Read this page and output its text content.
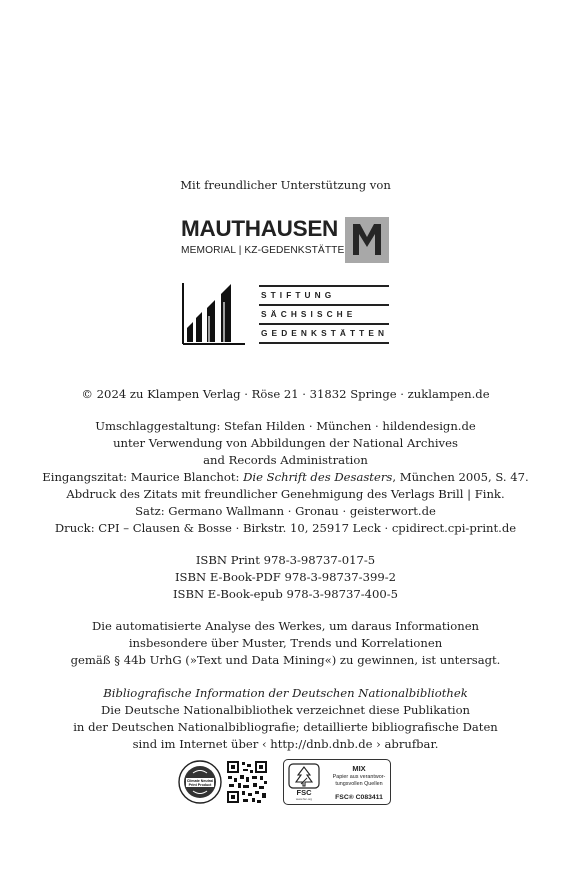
Mit freundlicher Unterstützung von
MAUTHAUSEN
MEMORIAL | KZ-GEDENKSTÄTTE
STIFTUNG
SÄCHSISCHE
GEDENKSTÄTTEN
© 2024 zu Klampen Verlag · Röse 21 · 31832 Springe · zuklampen.de
Umschlaggestaltung: Stefan Hilden · München · hildendesign.de
unter Verwendung von Abbildungen der National Archives
and Records Administration
Eingangszitat: Maurice Blanchot: Die Schrift des Desasters, München 2005, S. 47.
Abdruck des Zitats mit freundlicher Genehmigung des Verlags Brill | Fink.
Satz: Germano Wallmann · Gronau · geisterwort.de
Druck: CPI – Clausen & Bosse · Birkstr. 10, 25917 Leck · cpidirect.cpi-print.de
ISBN Print 978-3-98737-017-5
ISBN E-Book-PDF 978-3-98737-399-2
ISBN E-Book-epub 978-3-98737-400-5
Die automatisierte Analyse des Werkes, um daraus Informationen
insbesondere über Muster, Trends und Korrelationen
gemäß § 44b UrhG (»Text und Data Mining«) zu gewinnen, ist untersagt.
Bibliografische Information der Deutschen Nationalbibliothek
Die Deutsche Nationalbibliothek verzeichnet diese Publikation
in der Deutschen Nationalbibliografie; detaillierte bibliografische Daten
sind im Internet über ‹ http://dnb.dnb.de › abrufbar.
Climate Neutral
Print Product
FSC
www.fsc.org
MIX
Papier aus verantwor-
tungsvollen Quellen
FSC® C083411
